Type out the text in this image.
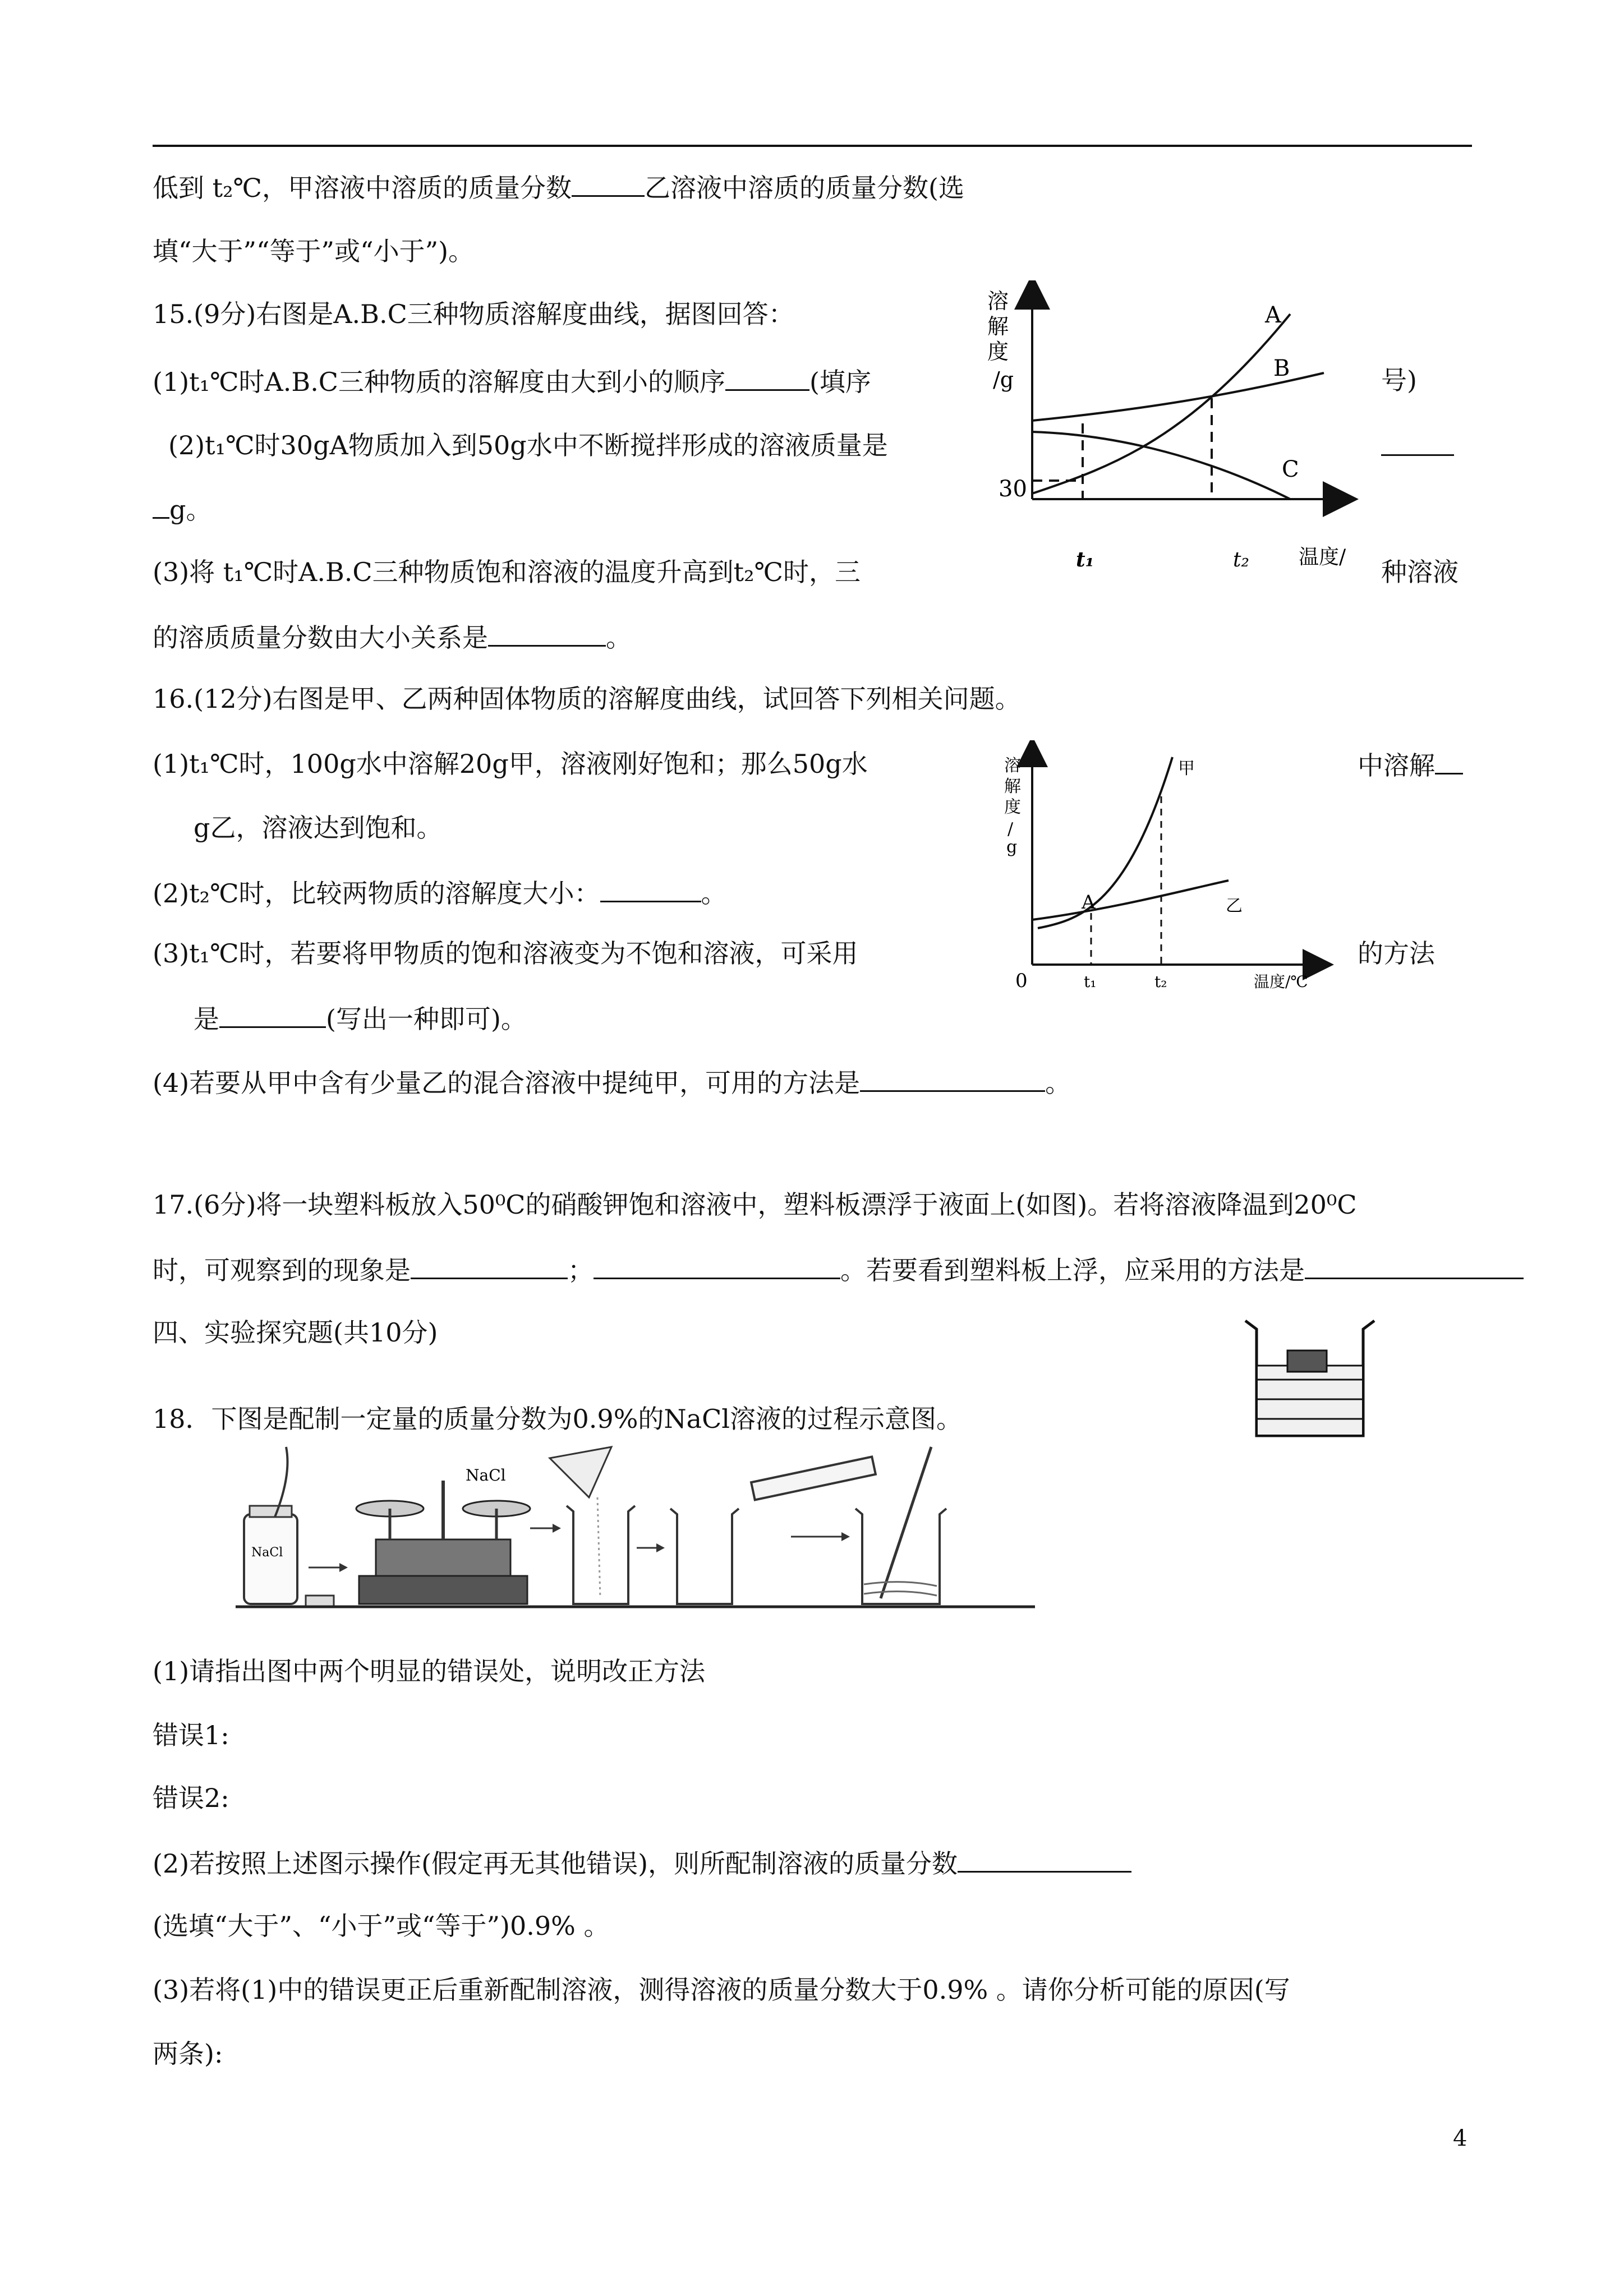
低到 t₂℃，甲溶液中溶质的质量分数	乙溶液中溶质的质量分数(选
填“大于”“等于”或“小于”)。
15.(9分)右图是A.B.C三种物质溶解度曲线，据图回答：
(1)t₁℃时A.B.C三种物质的溶解度由大到小的顺序	(填序	号)
(2)t₁℃时30gA物质加入到50g水中不断搅拌形成的溶液质量是
g。
(3)将 t₁℃时A.B.C三种物质饱和溶液的温度升高到t₂℃时，三	种溶液
的溶质质量分数由大小关系是	。
溶
解
度
/g
30
A
B
C
t₁	t₂ 温度/
16.(12分)右图是甲、乙两种固体物质的溶解度曲线，试回答下列相关问题。
(1)t₁℃时，100g水中溶解20g甲，溶液刚好饱和；那么50g水	中溶解
g乙，溶液达到饱和。
(2)t₂℃时，比较两物质的溶解度大小：	。
(3)t₁℃时，若要将甲物质的饱和溶液变为不饱和溶液，可采用	的方法
是	(写出一种即可)。
(4)若要从甲中含有少量乙的混合溶液中提纯甲，可用的方法是	。
溶
解
度
/
g
A
甲
乙
0	t₁	t₂	温度/℃
17.(6分)将一块塑料板放入50⁰C的硝酸钾饱和溶液中，塑料板漂浮于液面上(如图)。若将溶液降温到20⁰C
时，可观察到的现象是	；	。若要看到塑料板上浮，应采用的方法是
四、实验探究题(共10分)
18．下图是配制一定量的质量分数为0.9%的NaCl溶液的过程示意图。
NaCl
NaCl
(1)请指出图中两个明显的错误处，说明改正方法
错误1:
错误2:
(2)若按照上述图示操作(假定再无其他错误)，则所配制溶液的质量分数
(选填“大于”、“小于”或“等于”)0.9% 。
(3)若将(1)中的错误更正后重新配制溶液，测得溶液的质量分数大于0.9% 。请你分析可能的原因(写
两条):
4
